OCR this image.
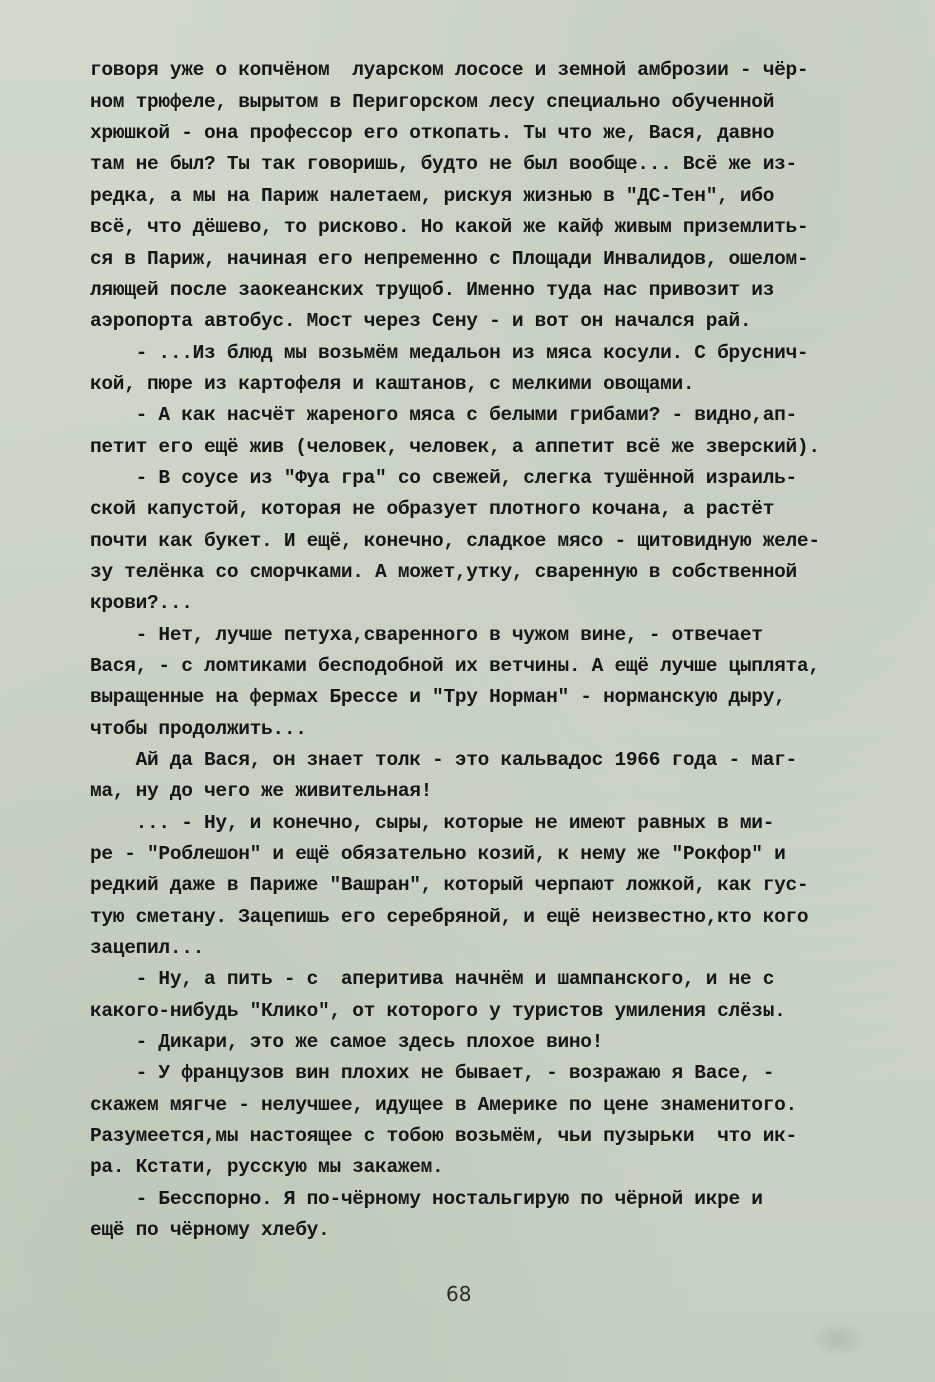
говоря уже о копчёном  луарском лососе и земной амброзии - чёр-
ном трюфеле, вырытом в Перигорском лесу специально обученной
хрюшкой - она профессор его откопать. Ты что же, Вася, давно
там не был? Ты так говоришь, будто не был вообще... Всё же из-
редка, а мы на Париж налетаем, рискуя жизнью в "ДС-Тен", ибо
всё, что дёшево, то рисково. Но какой же кайф живым приземлить-
ся в Париж, начиная его непременно с Площади Инвалидов, ошелом-
ляющей после заокеанских трущоб. Именно туда нас привозит из
аэропорта автобус. Мост через Сену - и вот он начался рай.
- ...Из блюд мы возьмём медальон из мяса косули. С бруснич-
кой, пюре из картофеля и каштанов, с мелкими овощами.
- А как насчёт жареного мяса с белыми грибами? - видно,ап-
петит его ещё жив (человек, человек, а аппетит всё же зверский).
- В соусе из "Фуа гра" со свежей, слегка тушённой израиль-
ской капустой, которая не образует плотного кочана, а растёт
почти как букет. И ещё, конечно, сладкое мясо - щитовидную желе-
зу телёнка со сморчками. А может,утку, сваренную в собственной
крови?...
- Нет, лучше петуха,сваренного в чужом вине, - отвечает
Вася, - с ломтиками бесподобной их ветчины. А ещё лучше цыплята,
выращенные на фермах Брессе и "Тру Норман" - норманскую дыру,
чтобы продолжить...
Ай да Вася, он знает толк - это кальвадос 1966 года - маг-
ма, ну до чего же живительная!
... - Ну, и конечно, сыры, которые не имеют равных в ми-
ре - "Роблешон" и ещё обязательно козий, к нему же "Рокфор" и
редкий даже в Париже "Вашран", который черпают ложкой, как гус-
тую сметану. Зацепишь его серебряной, и ещё неизвестно,кто кого
зацепил...
- Ну, а пить - с  аперитива начнём и шампанского, и не с
какого-нибудь "Клико", от которого у туристов умиления слёзы.
- Дикари, это же самое здесь плохое вино!
- У французов вин плохих не бывает, - возражаю я Васе, -
скажем мягче - нелучшее, идущее в Америке по цене знаменитого.
Разумеется,мы настоящее с тобою возьмём, чьи пузырьки  что ик-
ра. Кстати, русскую мы закажем.
- Бесспорно. Я по-чёрному ностальгирую по чёрной икре и
ещё по чёрному хлебу.
68
